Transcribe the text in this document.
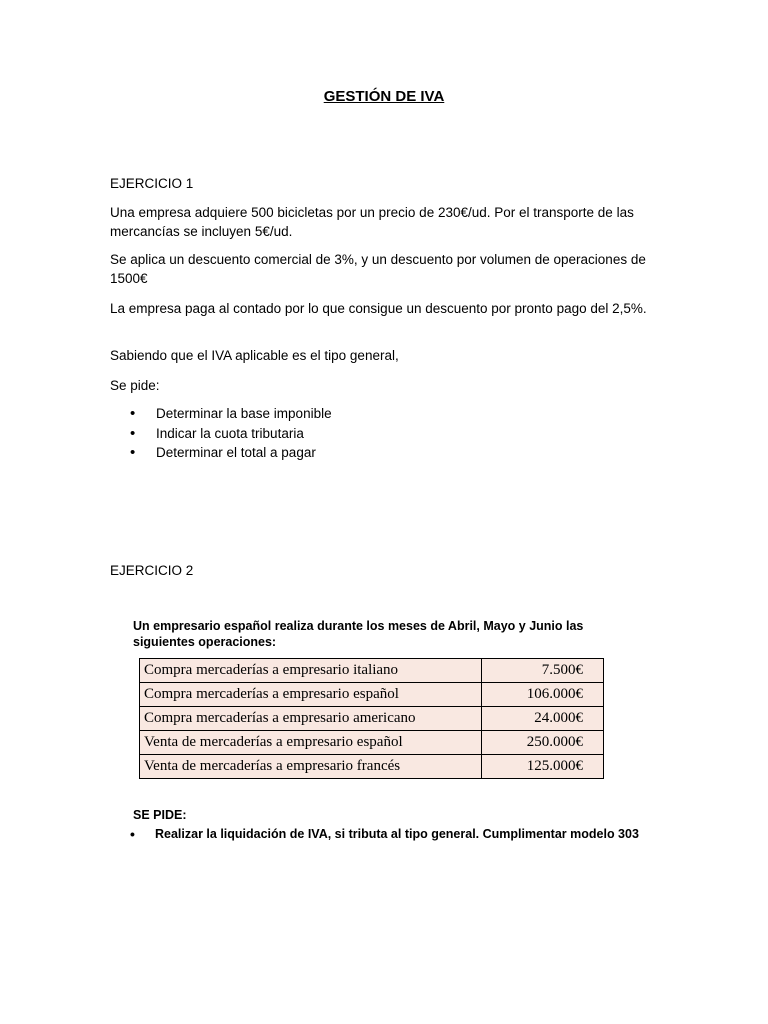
GESTIÓN DE IVA
EJERCICIO 1
Una empresa adquiere 500 bicicletas por un precio de 230€/ud. Por el transporte de las mercancías se incluyen 5€/ud.
Se aplica un descuento comercial de 3%, y un descuento por volumen de operaciones de 1500€
La empresa paga al contado por lo que consigue un descuento por pronto pago del 2,5%.
Sabiendo que el IVA aplicable es el tipo general,
Se pide:
• Determinar la base imponible
• Indicar la cuota tributaria
• Determinar el total a pagar
EJERCICIO 2
Un empresario español realiza durante los meses de Abril, Mayo y Junio las siguientes operaciones:
Compra mercaderías a empresario italiano	7.500€
Compra mercaderías a empresario español	106.000€
Compra mercaderías a empresario americano	24.000€
Venta de mercaderías a empresario español	250.000€
Venta de mercaderías a empresario francés	125.000€
SE PIDE:
• Realizar la liquidación de IVA, si tributa al tipo general. Cumplimentar modelo 303
